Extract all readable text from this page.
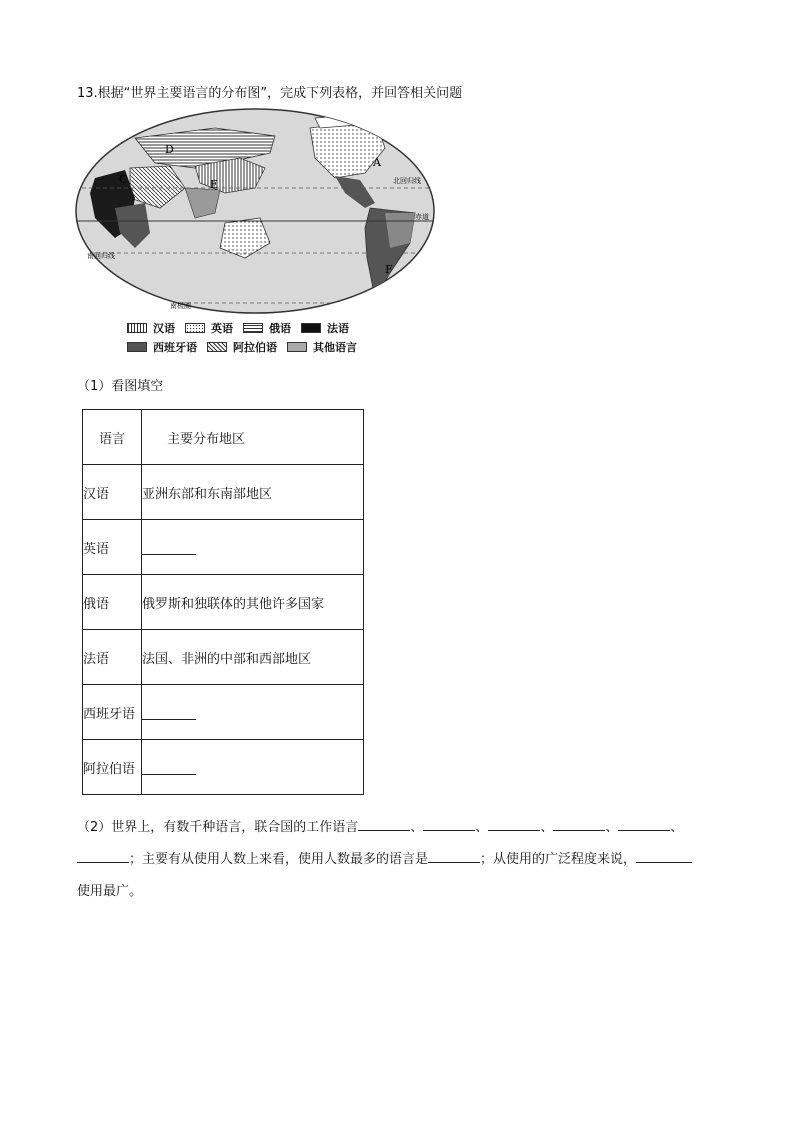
13.根据“世界主要语言的分布图”，完成下列表格，并回答相关问题
D
C	E
A
F
北回归线
赤道
南回归线
南极圈
汉语	英语	俄语	法语
西班牙语	阿拉伯语	其他语言
（1）看图填空
语言	主要分布地区
汉语	亚洲东部和东南部地区
英语	
俄语	俄罗斯和独联体的其他许多国家
法语	法国、非洲的中部和西部地区
西班牙语	
阿拉伯语	
（2）世界上，有数千种语言，联合国的工作语言	、	、	、	、	、
；主要有从使用人数上来看，使用人数最多的语言是	；从使用的广泛程度来说，
使用最广。
